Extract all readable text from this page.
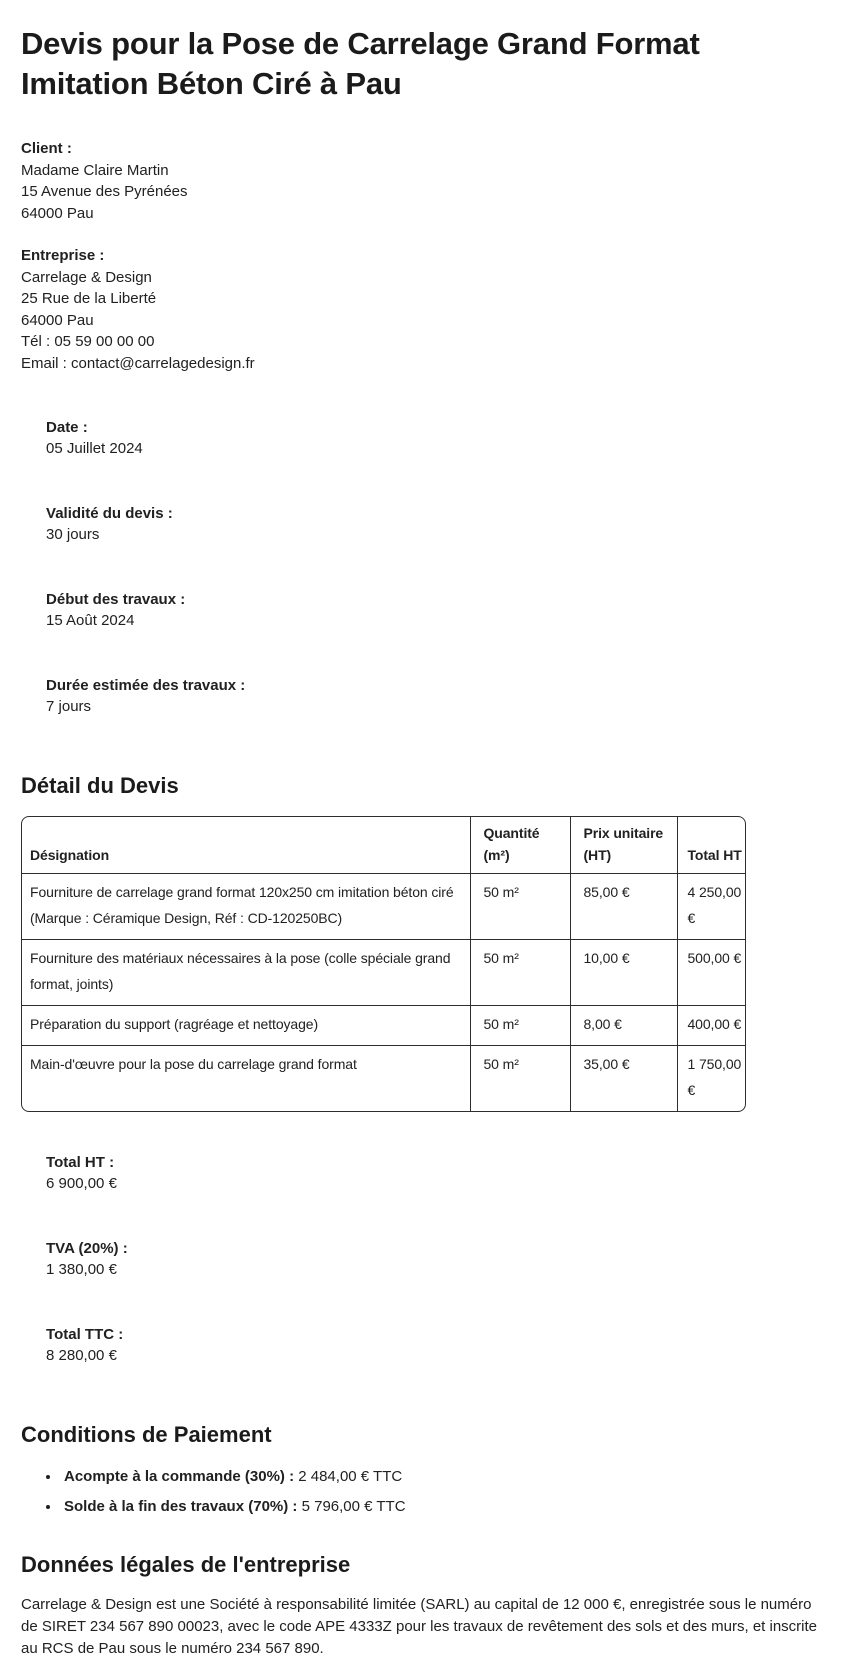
Devis pour la Pose de Carrelage Grand Format Imitation Béton Ciré à Pau
Client :
Madame Claire Martin
15 Avenue des Pyrénées
64000 Pau
Entreprise :
Carrelage & Design
25 Rue de la Liberté
64000 Pau
Tél : 05 59 00 00 00
Email : contact@carrelagedesign.fr

Date :
05 Juillet 2024

Validité du devis :
30 jours

Début des travaux :
15 Août 2024

Durée estimée des travaux :
7 jours

Détail du Devis
Désignation	Quantité (m²)	Prix unitaire (HT)	Total HT
Fourniture de carrelage grand format 120x250 cm imitation béton ciré (Marque : Céramique Design, Réf : CD-120250BC)	50 m²	85,00 €	4 250,00 €
Fourniture des matériaux nécessaires à la pose (colle spéciale grand format, joints)	50 m²	10,00 €	500,00 €
Préparation du support (ragréage et nettoyage)	50 m²	8,00 €	400,00 €
Main-d'œuvre pour la pose du carrelage grand format	50 m²	35,00 €	1 750,00 €

Total HT :
6 900,00 €

TVA (20%) :
1 380,00 €

Total TTC :
8 280,00 €

Conditions de Paiement
• Acompte à la commande (30%) : 2 484,00 € TTC
• Solde à la fin des travaux (70%) : 5 796,00 € TTC
Données légales de l'entreprise

Carrelage & Design est une Société à responsabilité limitée (SARL) au capital de 12 000 €, enregistrée sous le numéro de SIRET 234 567 890 00023, avec le code APE 4333Z pour les travaux de revêtement des sols et des murs, et inscrite au RCS de Pau sous le numéro 234 567 890.
